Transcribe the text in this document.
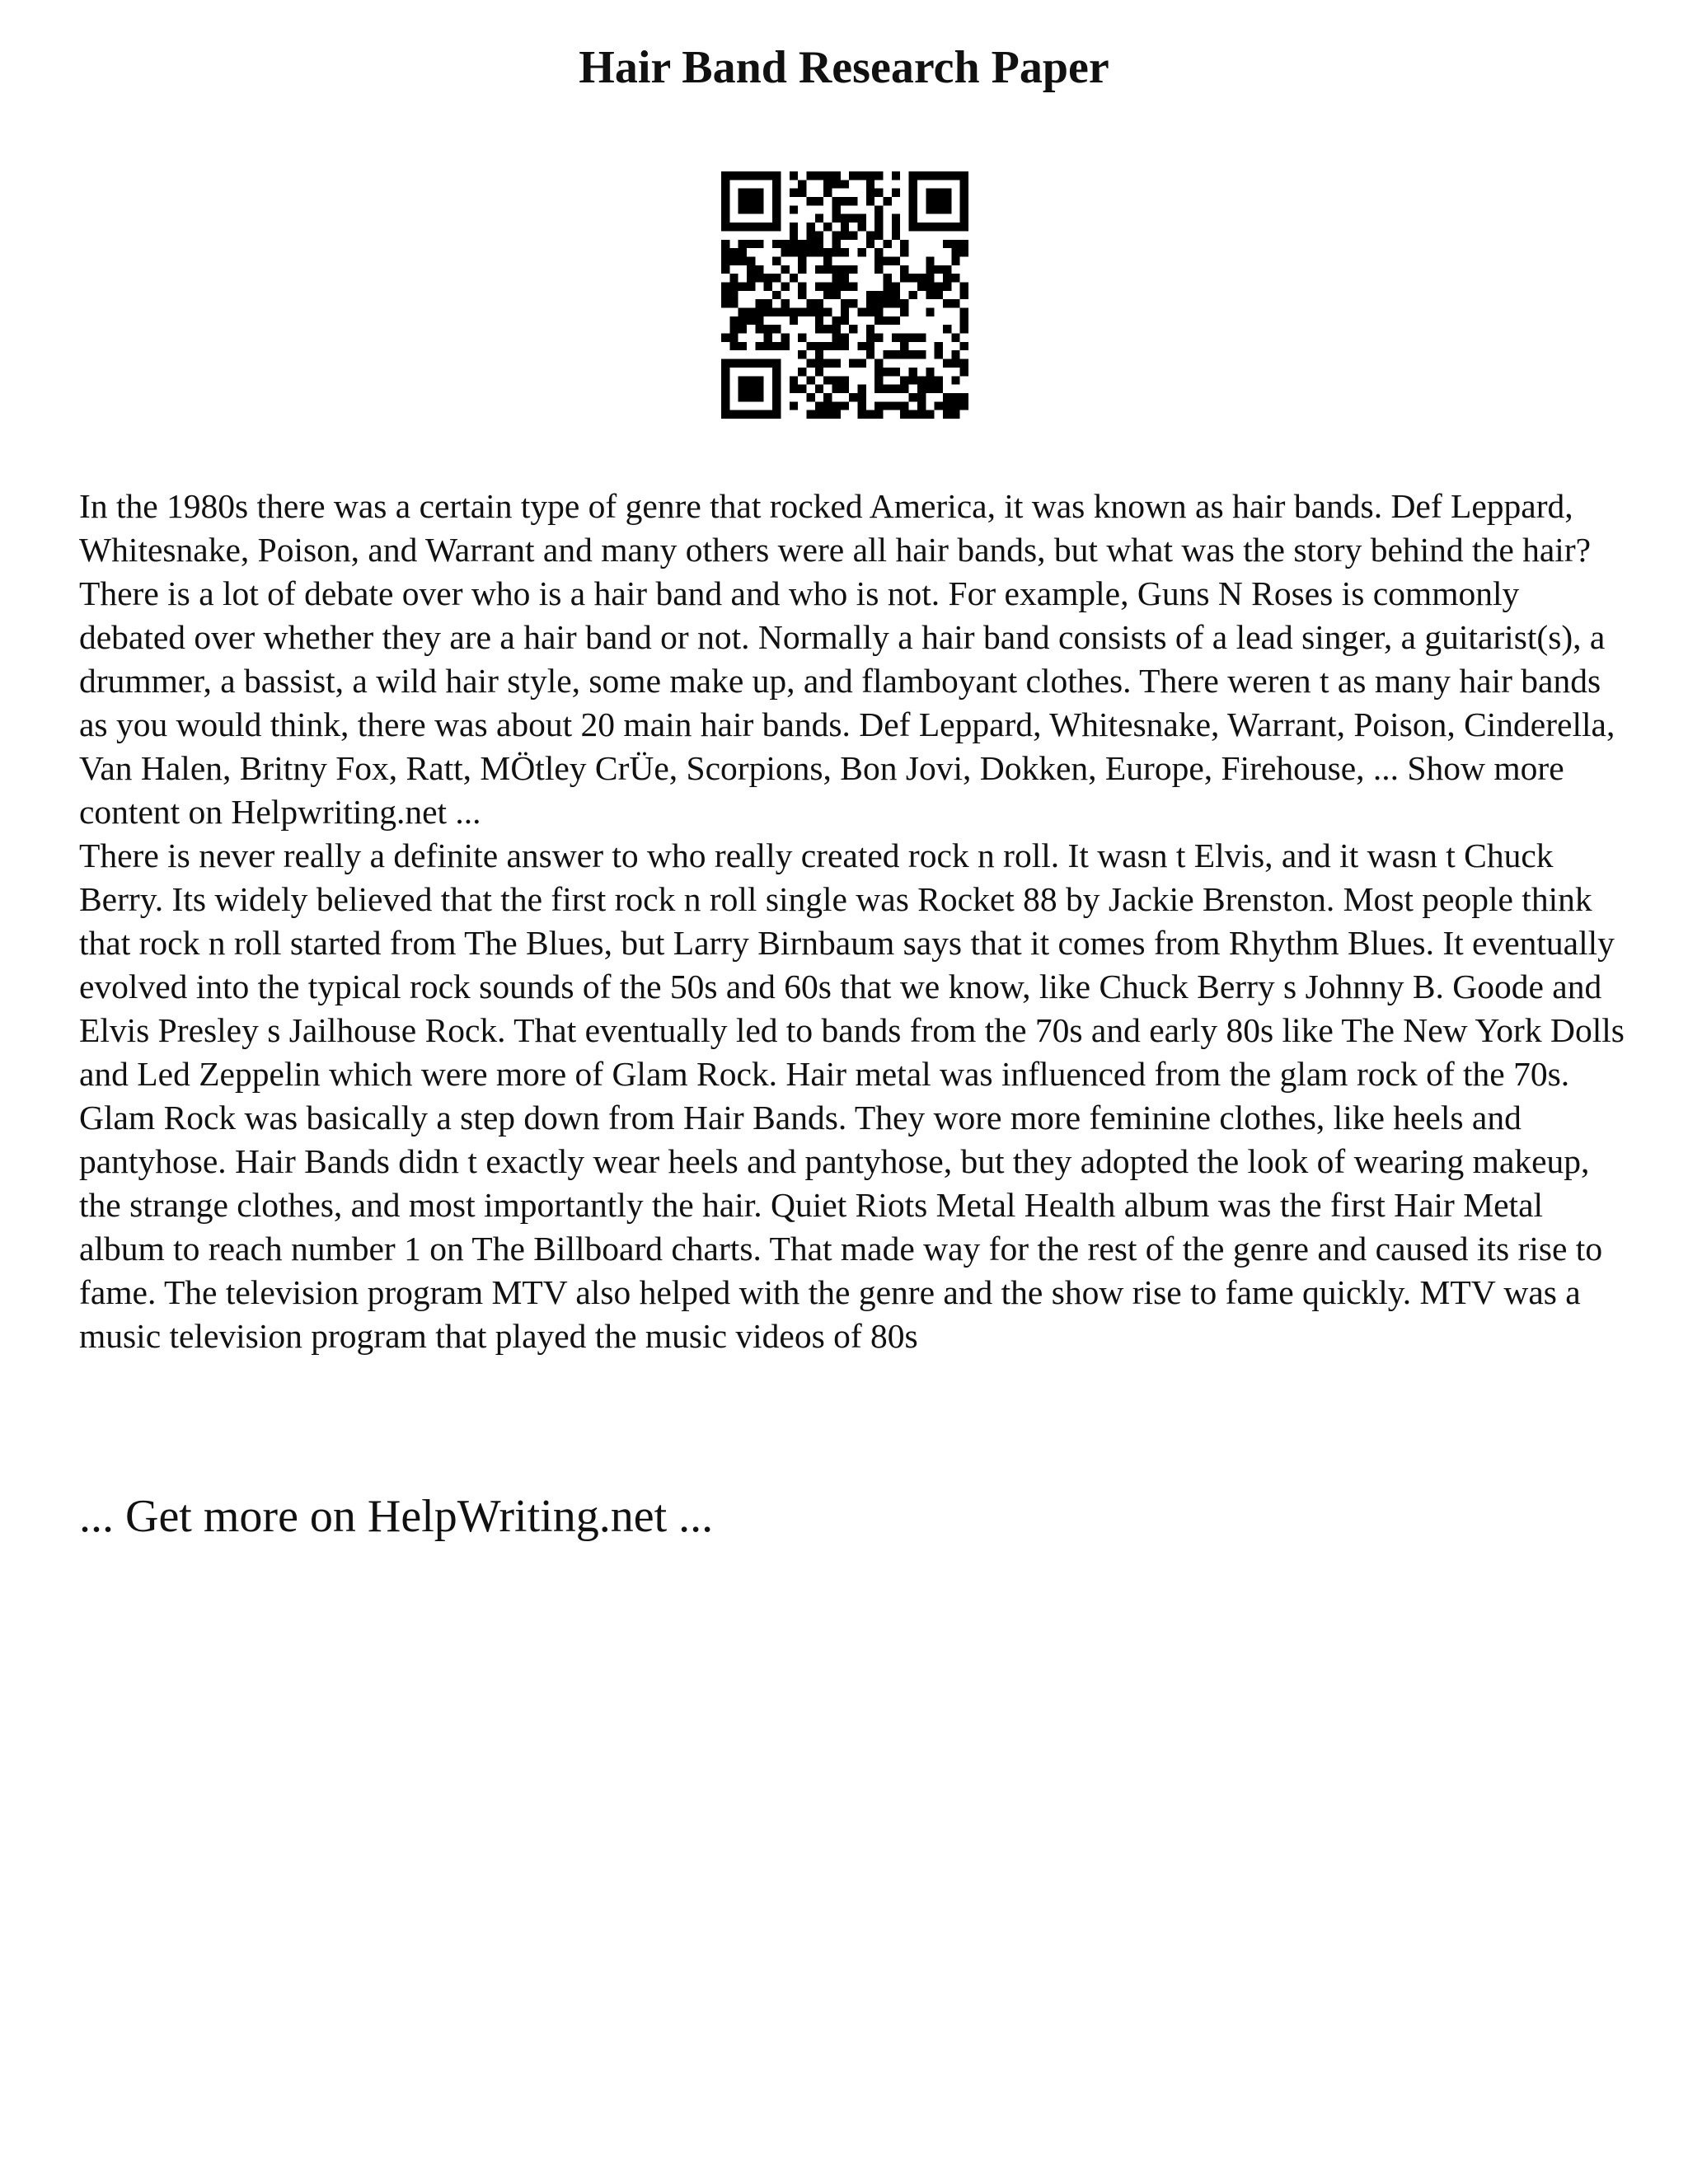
Hair Band Research Paper

In the 1980s there was a certain type of genre that rocked America, it was known as hair bands. Def Leppard, Whitesnake, Poison, and Warrant and many others were all hair bands, but what was the story behind the hair? There is a lot of debate over who is a hair band and who is not. For example, Guns N Roses is commonly debated over whether they are a hair band or not. Normally a hair band consists of a lead singer, a guitarist(s), a drummer, a bassist, a wild hair style, some make up, and flamboyant clothes. There weren t as many hair bands as you would think, there was about 20 main hair bands. Def Leppard, Whitesnake, Warrant, Poison, Cinderella, Van Halen, Britny Fox, Ratt, MÖtley CrÜe, Scorpions, Bon Jovi, Dokken, Europe, Firehouse, ... Show more content on Helpwriting.net ...

There is never really a definite answer to who really created rock n roll. It wasn t Elvis, and it wasn t Chuck Berry. Its widely believed that the first rock n roll single was Rocket 88 by Jackie Brenston. Most people think that rock n roll started from The Blues, but Larry Birnbaum says that it comes from Rhythm Blues. It eventually evolved into the typical rock sounds of the 50s and 60s that we know, like Chuck Berry s Johnny B. Goode and Elvis Presley s Jailhouse Rock. That eventually led to bands from the 70s and early 80s like The New York Dolls and Led Zeppelin which were more of Glam Rock. Hair metal was influenced from the glam rock of the 70s. Glam Rock was basically a step down from Hair Bands. They wore more feminine clothes, like heels and pantyhose. Hair Bands didn t exactly wear heels and pantyhose, but they adopted the look of wearing makeup, the strange clothes, and most importantly the hair. Quiet Riots Metal Health album was the first Hair Metal album to reach number 1 on The Billboard charts. That made way for the rest of the genre and caused its rise to fame. The television program MTV also helped with the genre and the show rise to fame quickly. MTV was a music television program that played the music videos of 80s

... Get more on HelpWriting.net ...
